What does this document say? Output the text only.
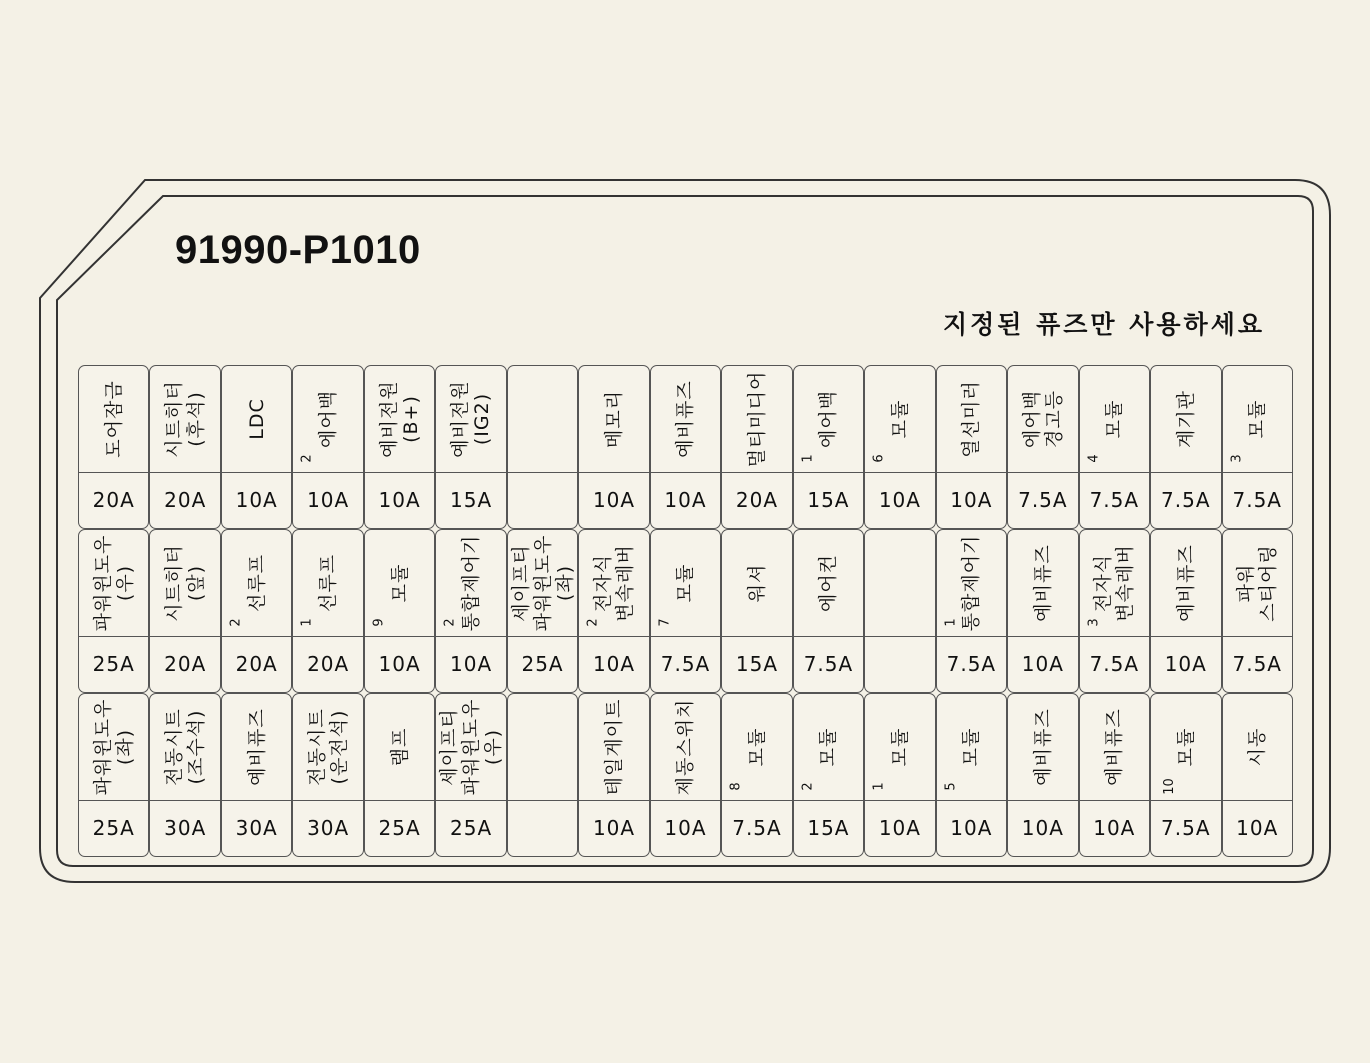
91990-P1010
지정된 퓨즈만 사용하세요
도어잠금
20A
시트히터
(후석)
20A
LDC
10A
에어백
2
10A
예비전원
(B+)
10A
예비전원
(IG2)
15A
메모리
10A
예비퓨즈
10A
멀티미디어
20A
에어백
1
15A
모듈
6
10A
열선미러
10A
에어백
경고등
7.5A
모듈
4
7.5A
계기판
7.5A
모듈
3
7.5A
파워윈도우
(우)
25A
시트히터
(앞)
20A
선루프
2
20A
선루프
1
20A
모듈
9
10A
통합제어기
2
10A
세이프티
파워윈도우
(좌)
25A
전자식
변속레버
2
10A
모듈
7
7.5A
워셔
15A
에어컨
7.5A
통합제어기
1
7.5A
예비퓨즈
10A
전자식
변속레버
3
7.5A
예비퓨즈
10A
파워
스티어링
7.5A
파워윈도우
(좌)
25A
전동시트
(조수석)
30A
예비퓨즈
30A
전동시트
(운전석)
30A
램프
25A
세이프티
파워윈도우
(우)
25A
테일게이트
10A
제동스위치
10A
모듈
8
7.5A
모듈
2
15A
모듈
1
10A
모듈
5
10A
예비퓨즈
10A
예비퓨즈
10A
모듈
10
7.5A
시동
10A
